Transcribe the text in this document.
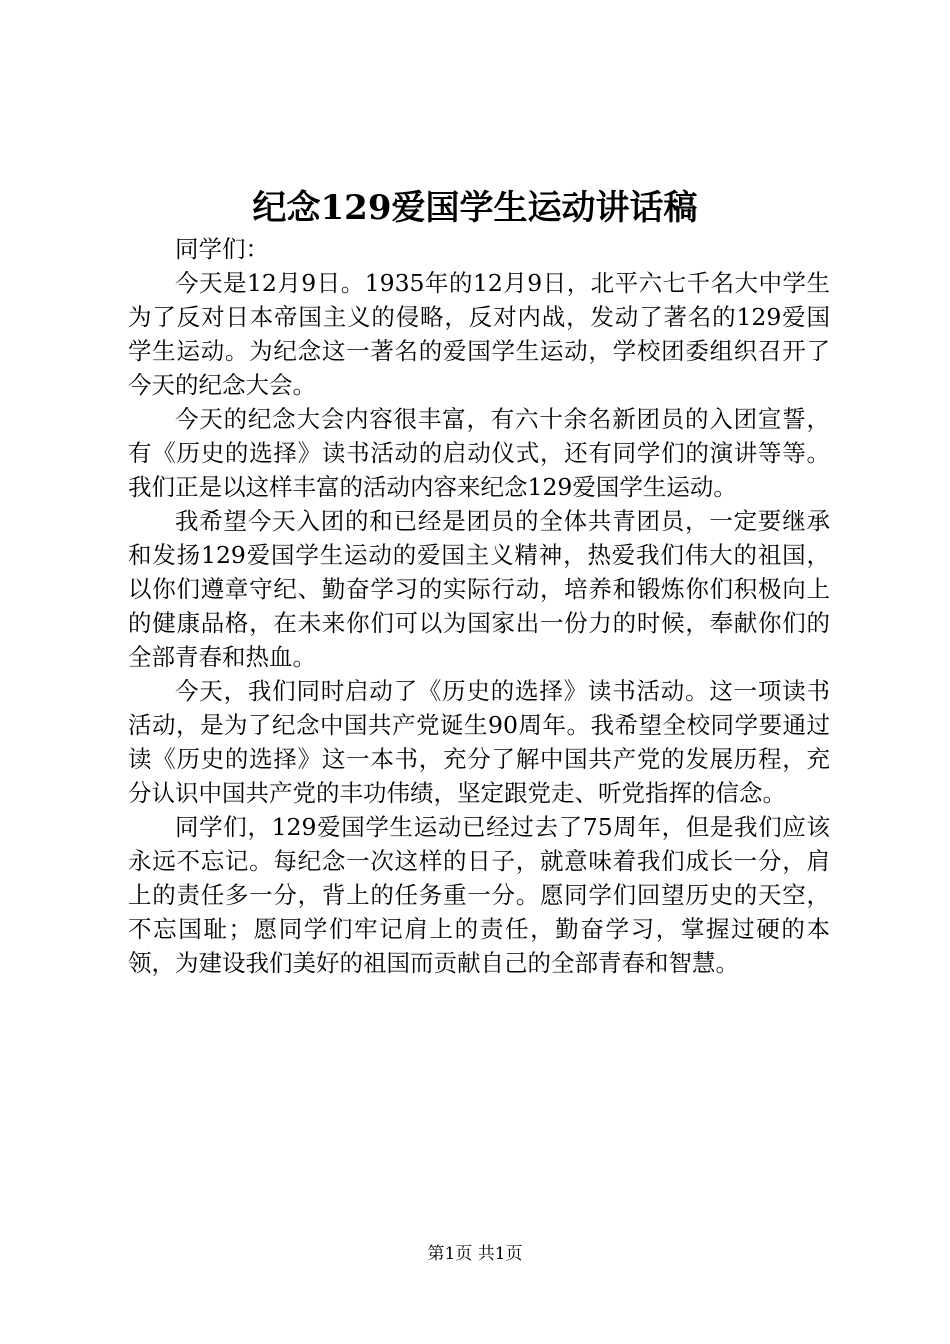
纪念129爱国学生运动讲话稿

同学们：

今天是12月9日。1935年的12月9日，北平六七千名大中学生为了反对日本帝国主义的侵略，反对内战，发动了著名的129爱国学生运动。为纪念这一著名的爱国学生运动，学校团委组织召开了今天的纪念大会。

今天的纪念大会内容很丰富，有六十余名新团员的入团宣誓，有《历史的选择》读书活动的启动仪式，还有同学们的演讲等等。我们正是以这样丰富的活动内容来纪念129爱国学生运动。

我希望今天入团的和已经是团员的全体共青团员，一定要继承和发扬129爱国学生运动的爱国主义精神，热爱我们伟大的祖国，以你们遵章守纪、勤奋学习的实际行动，培养和锻炼你们积极向上的健康品格，在未来你们可以为国家出一份力的时候，奉献你们的全部青春和热血。

今天，我们同时启动了《历史的选择》读书活动。这一项读书活动，是为了纪念中国共产党诞生90周年。我希望全校同学要通过读《历史的选择》这一本书，充分了解中国共产党的发展历程，充分认识中国共产党的丰功伟绩，坚定跟党走、听党指挥的信念。

同学们，129爱国学生运动已经过去了75周年，但是我们应该永远不忘记。每纪念一次这样的日子，就意味着我们成长一分，肩上的责任多一分，背上的任务重一分。愿同学们回望历史的天空，不忘国耻；愿同学们牢记肩上的责任，勤奋学习，掌握过硬的本领，为建设我们美好的祖国而贡献自己的全部青春和智慧。

第1页 共1页
